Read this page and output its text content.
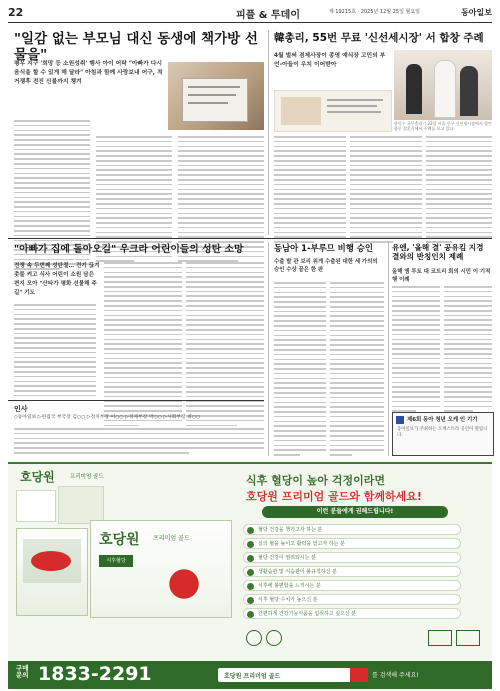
22	피플 & 투데이	제 19215호 · 2025년 12월 25일 월요일	동아일보
"일감 없는 부모님 대신 동생에 책가방 선물을"
평우 지구 '희망 등 소원성취' 행사 아이 어탁 "아빠가 다시 음식을 할 수 있게 해 달라" 아침과 함께 사랑보내 어구, 적거쟁후 전진 신불까지 챙겨
韓총리, 55번 무료 '신선세시장' 서 합창 주례
4월 벌써 겸제사장이 종영 예식장 고민의 부언-아들이 우치 이어받아
한덕수 국무총리가 23일 서울 중구 신선세시장에서 열린 합동 결혼식에서 주례를 보고 있다.
"아빠가 집에 돌아오길" 우크라 어린이들의 성탄 소망
전쟁 속 두번째 성탄절… 전기 끊겨 촛불 켜고 식사 어린이 소원 담은 편지 모아 "산타가 평화 선물해 주길" 기도
동남아 1-부루므 비행 승인
수출 발 관 보리 위게 수출된 대한 세 가의의 승인 수상 끝은 한 판
유엔, '올해 결' 공유킴 지경 결와의 반칭인치 제례
올해 엠 투토 대 코트리 회의 시민 이 기적 행 이례
제6회 동아 청년 오케 인 기기
동아일보가 주최하는 오케스트라 공연이 열립니다.
인사
◇동아일보 ▷편집국 부국장 김○○ ▷정치부장 이○○ ▷경제부장 박○○ ▷사회부장 최○○
호당원 프리미엄 골드
식후혈당
호당원	프리미엄 골드	식후 혈당이 높아 걱정이라면
호당원 프리미엄 골드와 함께하세요!
이런 분들에게 권해드립니다!
혈당 건강을 챙기고자 하는 분
실의 혈을 높이고 활력을 얻고자 하는 분
혈당 건강이 염려되시는 분
생활습관 및 식습관이 불규칙하신 분
식후에 불편함을 느끼시는 분
식후 혈당 수치가 높으신 분
간편하게 건강기능식품을 섭취하고 싶으신 분
구매 문의 1833-2291	호당원 프리미엄 골드	를 검색해 주세요!
